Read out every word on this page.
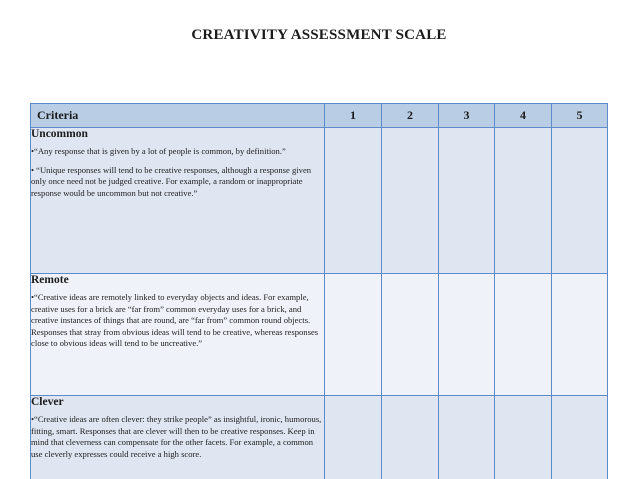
CREATIVITY ASSESSMENT SCALE
Criteria	1	2	3	4	5

Uncommon

•“Any response that is given by a lot of people is common, by definition.”

• “Unique responses will tend to be creative responses, although a response given only once need not be judged creative. For example, a random or inappropriate response would be uncommon but not creative.”					

Remote

•“Creative ideas are remotely linked to everyday objects and ideas. For example, creative uses for a brick are “far from” common everyday uses for a brick, and creative instances of things that are round, are “far from” common round objects. Responses that stray from obvious ideas will tend to be creative, whereas responses close to obvious ideas will tend to be uncreative.”					

Clever

•“Creative ideas are often clever: they strike people” as insightful, ironic, humorous, fitting, smart. Responses that are clever will then to be creative responses. Keep in mind that cleverness can compensate for the other facets. For example, a common use cleverly expresses could receive a high score.					
